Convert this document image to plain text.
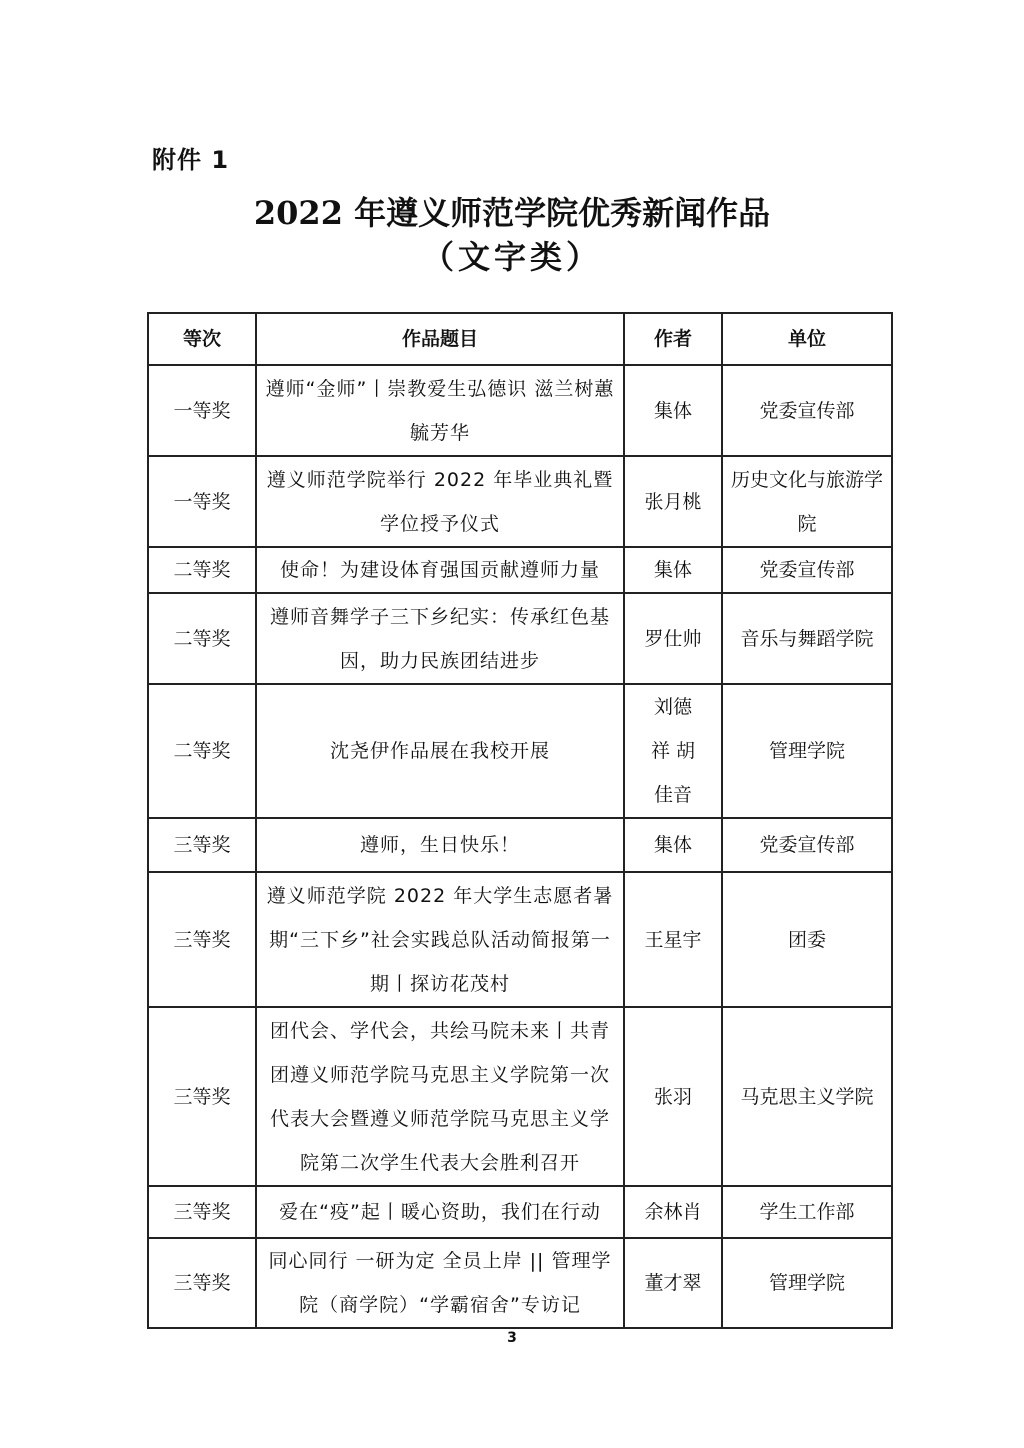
附件 1
2022 年遵义师范学院优秀新闻作品
（文字类）
等次	作品题目	作者	单位
一等奖	遵师“金师”丨崇教爱生弘德识 滋兰树蕙毓芳华	集体	党委宣传部
一等奖	遵义师范学院举行 2022 年毕业典礼暨学位授予仪式	张月桃	历史文化与旅游学院
二等奖	使命！为建设体育强国贡献遵师力量	集体	党委宣传部
二等奖	遵师音舞学子三下乡纪实：传承红色基因，助力民族团结进步	罗仕帅	音乐与舞蹈学院
二等奖	沈尧伊作品展在我校开展	刘德祥 胡佳音	管理学院
三等奖	遵师，生日快乐！	集体	党委宣传部
三等奖	遵义师范学院 2022 年大学生志愿者暑期“三下乡”社会实践总队活动简报第一期丨探访花茂村	王星宇	团委
三等奖	团代会、学代会，共绘马院未来丨共青团遵义师范学院马克思主义学院第一次代表大会暨遵义师范学院马克思主义学院第二次学生代表大会胜利召开	张羽	马克思主义学院
三等奖	爱在“疫”起丨暖心资助，我们在行动	余林肖	学生工作部
三等奖	同心同行 一研为定 全员上岸 || 管理学院（商学院）“学霸宿舍”专访记	董才翠	管理学院
3
